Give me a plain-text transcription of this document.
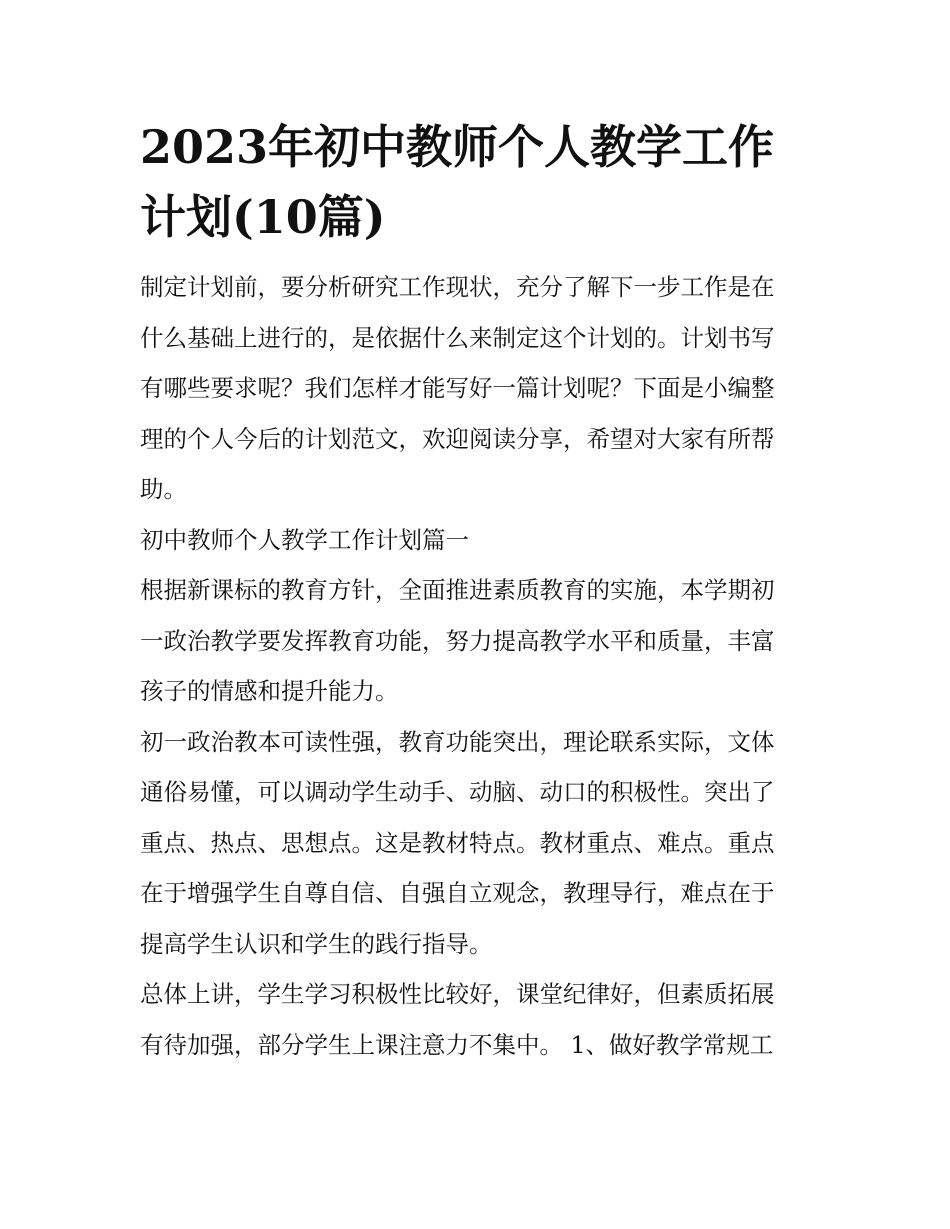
2023年初中教师个人教学工作
计划(10篇)

制定计划前，要分析研究工作现状，充分了解下一步工作是在
什么基础上进行的，是依据什么来制定这个计划的。计划书写
有哪些要求呢？我们怎样才能写好一篇计划呢？下面是小编整
理的个人今后的计划范文，欢迎阅读分享，希望对大家有所帮
助。

初中教师个人教学工作计划篇一

根据新课标的教育方针，全面推进素质教育的实施，本学期初
一政治教学要发挥教育功能，努力提高教学水平和质量，丰富
孩子的情感和提升能力。

初一政治教本可读性强，教育功能突出，理论联系实际，文体
通俗易懂，可以调动学生动手、动脑、动口的积极性。突出了
重点、热点、思想点。这是教材特点。教材重点、难点。重点
在于增强学生自尊自信、自强自立观念，教理导行，难点在于
提高学生认识和学生的践行指导。

总体上讲，学生学习积极性比较好，课堂纪律好，但素质拓展
有待加强，部分学生上课注意力不集中。 1、做好教学常规工
